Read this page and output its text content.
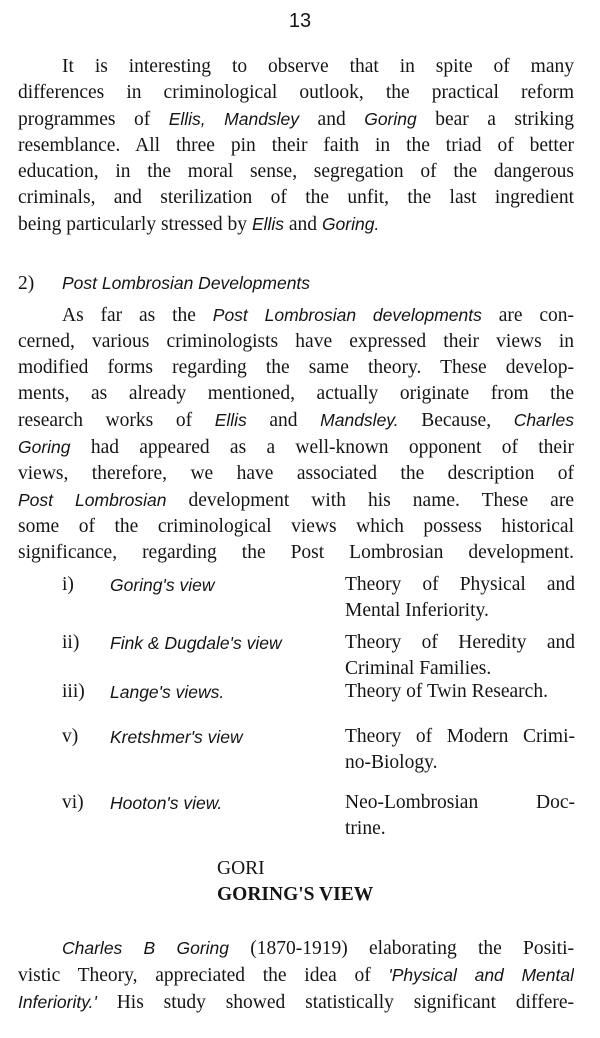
13
It is interesting to observe that in spite of many
differences in criminological outlook, the practical reform
programmes of Ellis, Mandsley and Goring bear a striking
resemblance. All three pin their faith in the triad of better
education, in the moral sense, segregation of the dangerous
criminals, and sterilization of the unfit, the last ingredient
being particularly stressed by Ellis and Goring.
2) Post Lombrosian Developments
As far as the Post Lombrosian developments are con-
cerned, various criminologists have expressed their views in
modified forms regarding the same theory. These develop-
ments, as already mentioned, actually originate from the
research works of Ellis and Mandsley. Because, Charles
Goring had appeared as a well-known opponent of their
views, therefore, we have associated the description of
Post Lombrosian development with his name. These are
some of the criminological views which possess historical
significance, regarding the Post Lombrosian development.
i) Goring's view	Theory of Physical and
Mental Inferiority.
ii) Fink & Dugdale's view	Theory of Heredity and
Criminal Families.
iii) Lange's views.	Theory of Twin Research.
v) Kretshmer's view	Theory of Modern Crimi-
no-Biology.
vi) Hooton's view.	Neo-Lombrosian Doc-
trine.
GORI
GORING'S VIEW
Charles B Goring (1870-1919) elaborating the Positi-
vistic Theory, appreciated the idea of 'Physical and Mental
Inferiority.' His study showed statistically significant differe-
